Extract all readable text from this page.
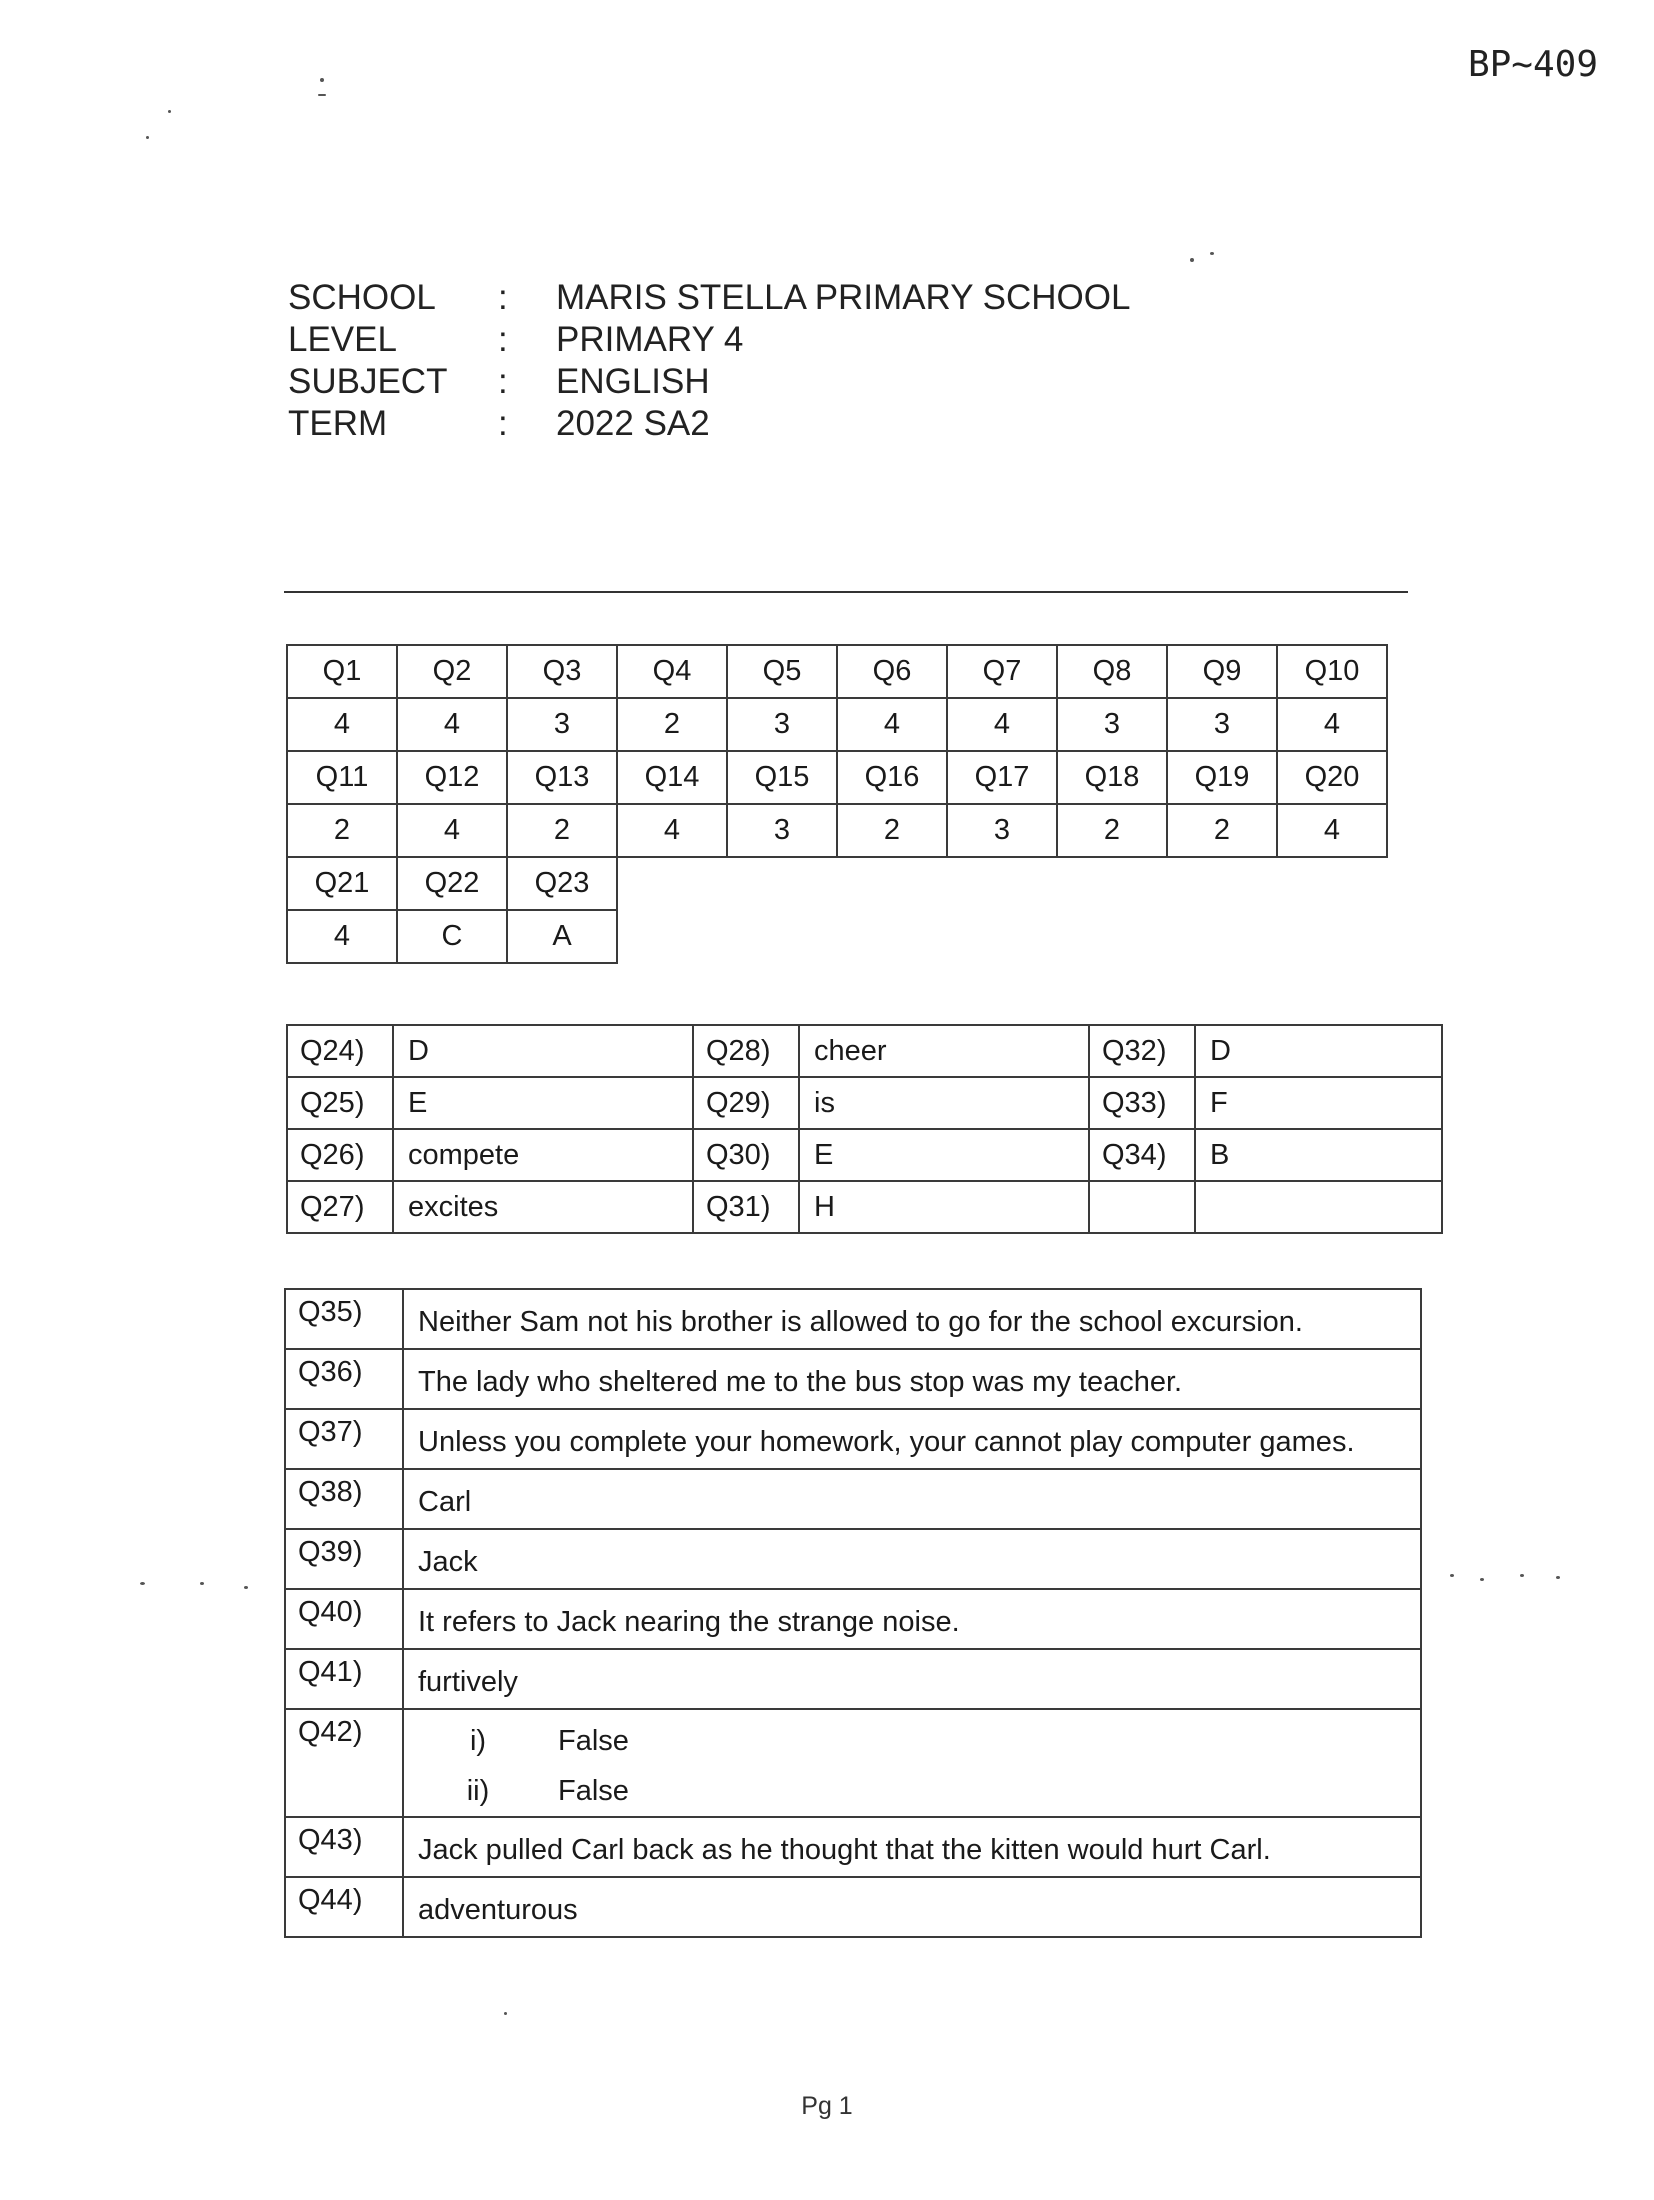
BP~409
SCHOOL	:	MARIS STELLA PRIMARY SCHOOL
LEVEL	:	PRIMARY 4
SUBJECT	:	ENGLISH
TERM	:	2022 SA2
Q1	Q2	Q3	Q4	Q5	Q6	Q7	Q8	Q9	Q10
4	4	3	2	3	4	4	3	3	4
Q11	Q12	Q13	Q14	Q15	Q16	Q17	Q18	Q19	Q20
2	4	2	4	3	2	3	2	2	4
Q21	Q22	Q23							
4	C	A							
Q24)	D	Q28)	cheer	Q32)	D
Q25)	E	Q29)	is	Q33)	F
Q26)	compete	Q30)	E	Q34)	B
Q27)	excites	Q31)	H		
Q35)	Neither Sam not his brother is allowed to go for the school excursion.
Q36)	The lady who sheltered me to the bus stop was my teacher.
Q37)	Unless you complete your homework, your cannot play computer games.
Q38)	Carl
Q39)	Jack
Q40)	It refers to Jack nearing the strange noise.
Q41)	furtively
Q42)	i) False
ii) False

Q43)	Jack pulled Carl back as he thought that the kitten would hurt Carl.
Q44)	adventurous
Pg 1
